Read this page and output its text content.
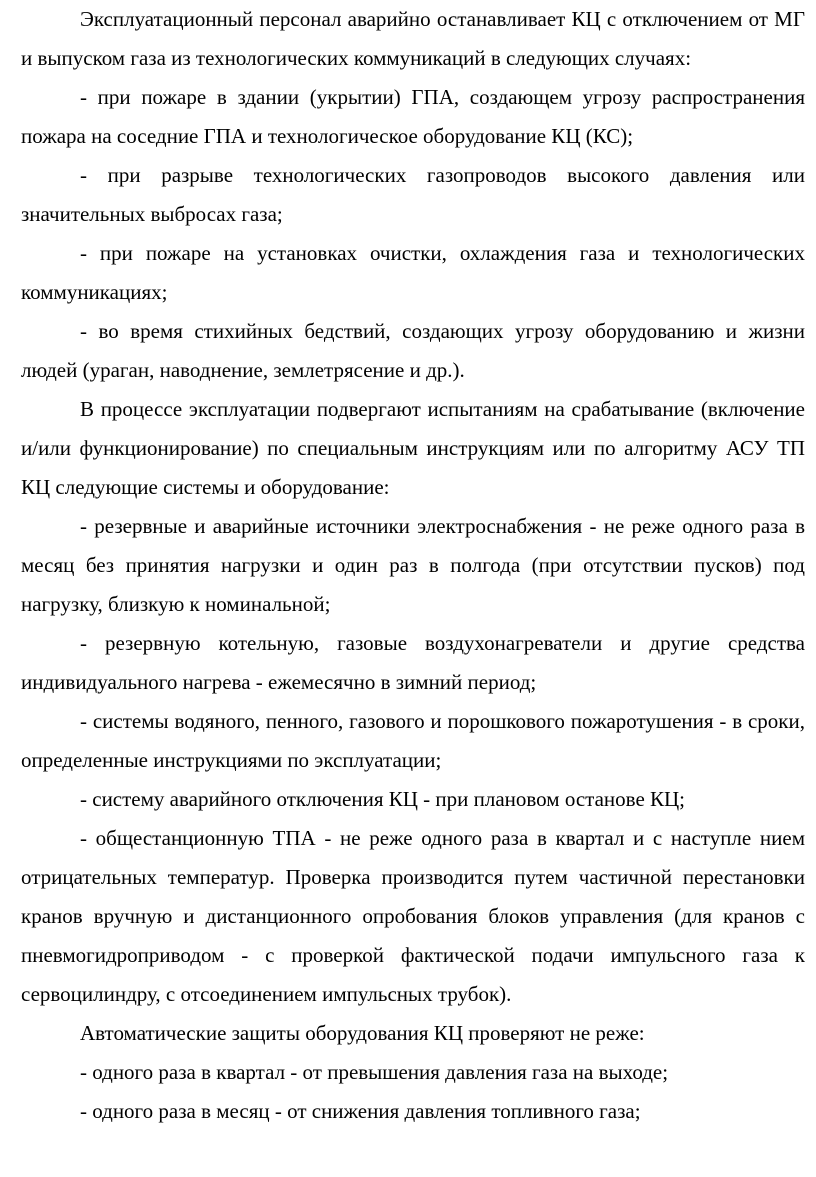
Эксплуатационный персонал аварийно останавливает КЦ с отключением от МГ и выпуском газа из технологических коммуникаций в следующих случаях:

- при пожаре в здании (укрытии) ГПА, создающем угрозу распространения пожара на соседние ГПА и технологическое оборудование КЦ (КС);

- при разрыве технологических газопроводов высокого давления или значительных выбросах газа;

- при пожаре на установках очистки, охлаждения газа и технологических коммуникациях;

- во время стихийных бедствий, создающих угрозу оборудованию и жизни людей (ураган, наводнение, землетрясение и др.).

В процессе эксплуатации подвергают испытаниям на срабатывание (включение и/или функционирование) по специальным инструкциям или по алгоритму АСУ ТП КЦ следующие системы и оборудование:

- резервные и аварийные источники электроснабжения - не реже одного раза в месяц без принятия нагрузки и один раз в полгода (при отсутствии пусков) под нагрузку, близкую к номинальной;

- резервную котельную, газовые воздухонагреватели и другие средства индивидуального нагрева - ежемесячно в зимний период;

- системы водяного, пенного, газового и порошкового пожаротушения - в сроки, определенные инструкциями по эксплуатации;

- систему аварийного отключения КЦ - при плановом останове КЦ;

- общестанционную ТПА - не реже одного раза в квартал и с наступле нием отрицательных температур. Проверка производится путем частичной перестановки кранов вручную и дистанционного опробования блоков управления (для кранов с пневмогидроприводом - с проверкой фактической подачи импульсного газа к сервоцилиндру, с отсоединением импульсных трубок).

Автоматические защиты оборудования КЦ проверяют не реже:

- одного раза в квартал - от превышения давления газа на выходе;

- одного раза в месяц - от снижения давления топливного газа;
